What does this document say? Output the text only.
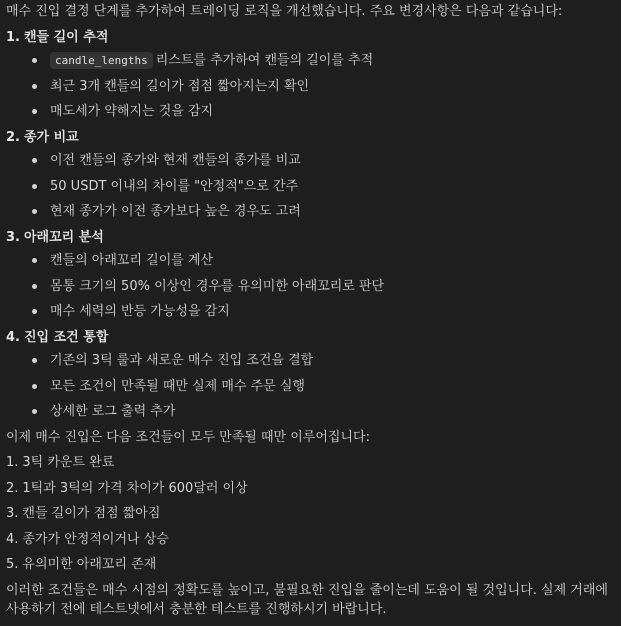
매수 진입 결정 단계를 추가하여 트레이딩 로직을 개선했습니다. 주요 변경사항은 다음과 같습니다:

1. 캔들 길이 추적
candle_lengths 리스트를 추가하여 캔들의 길이를 추적
최근 3개 캔들의 길이가 점점 짧아지는지 확인
매도세가 약해지는 것을 감지
2. 종가 비교
이전 캔들의 종가와 현재 캔들의 종가를 비교
50 USDT 이내의 차이를 "안정적"으로 간주
현재 종가가 이전 종가보다 높은 경우도 고려
3. 아래꼬리 분석
캔들의 아래꼬리 길이를 계산
몸통 크기의 50% 이상인 경우를 유의미한 아래꼬리로 판단
매수 세력의 반등 가능성을 감지
4. 진입 조건 통합
기존의 3틱 룰과 새로운 매수 진입 조건을 결합
모든 조건이 만족될 때만 실제 매수 주문 실행
상세한 로그 출력 추가

이제 매수 진입은 다음 조건들이 모두 만족될 때만 이루어집니다:

1. 3틱 카운트 완료
2. 1틱과 3틱의 가격 차이가 600달러 이상
3. 캔들 길이가 점점 짧아짐
4. 종가가 안정적이거나 상승
5. 유의미한 아래꼬리 존재

이러한 조건들은 매수 시점의 정확도를 높이고, 불필요한 진입을 줄이는데 도움이 될 것입니다. 실제 거래에 사용하기 전에 테스트넷에서 충분한 테스트를 진행하시기 바랍니다.
